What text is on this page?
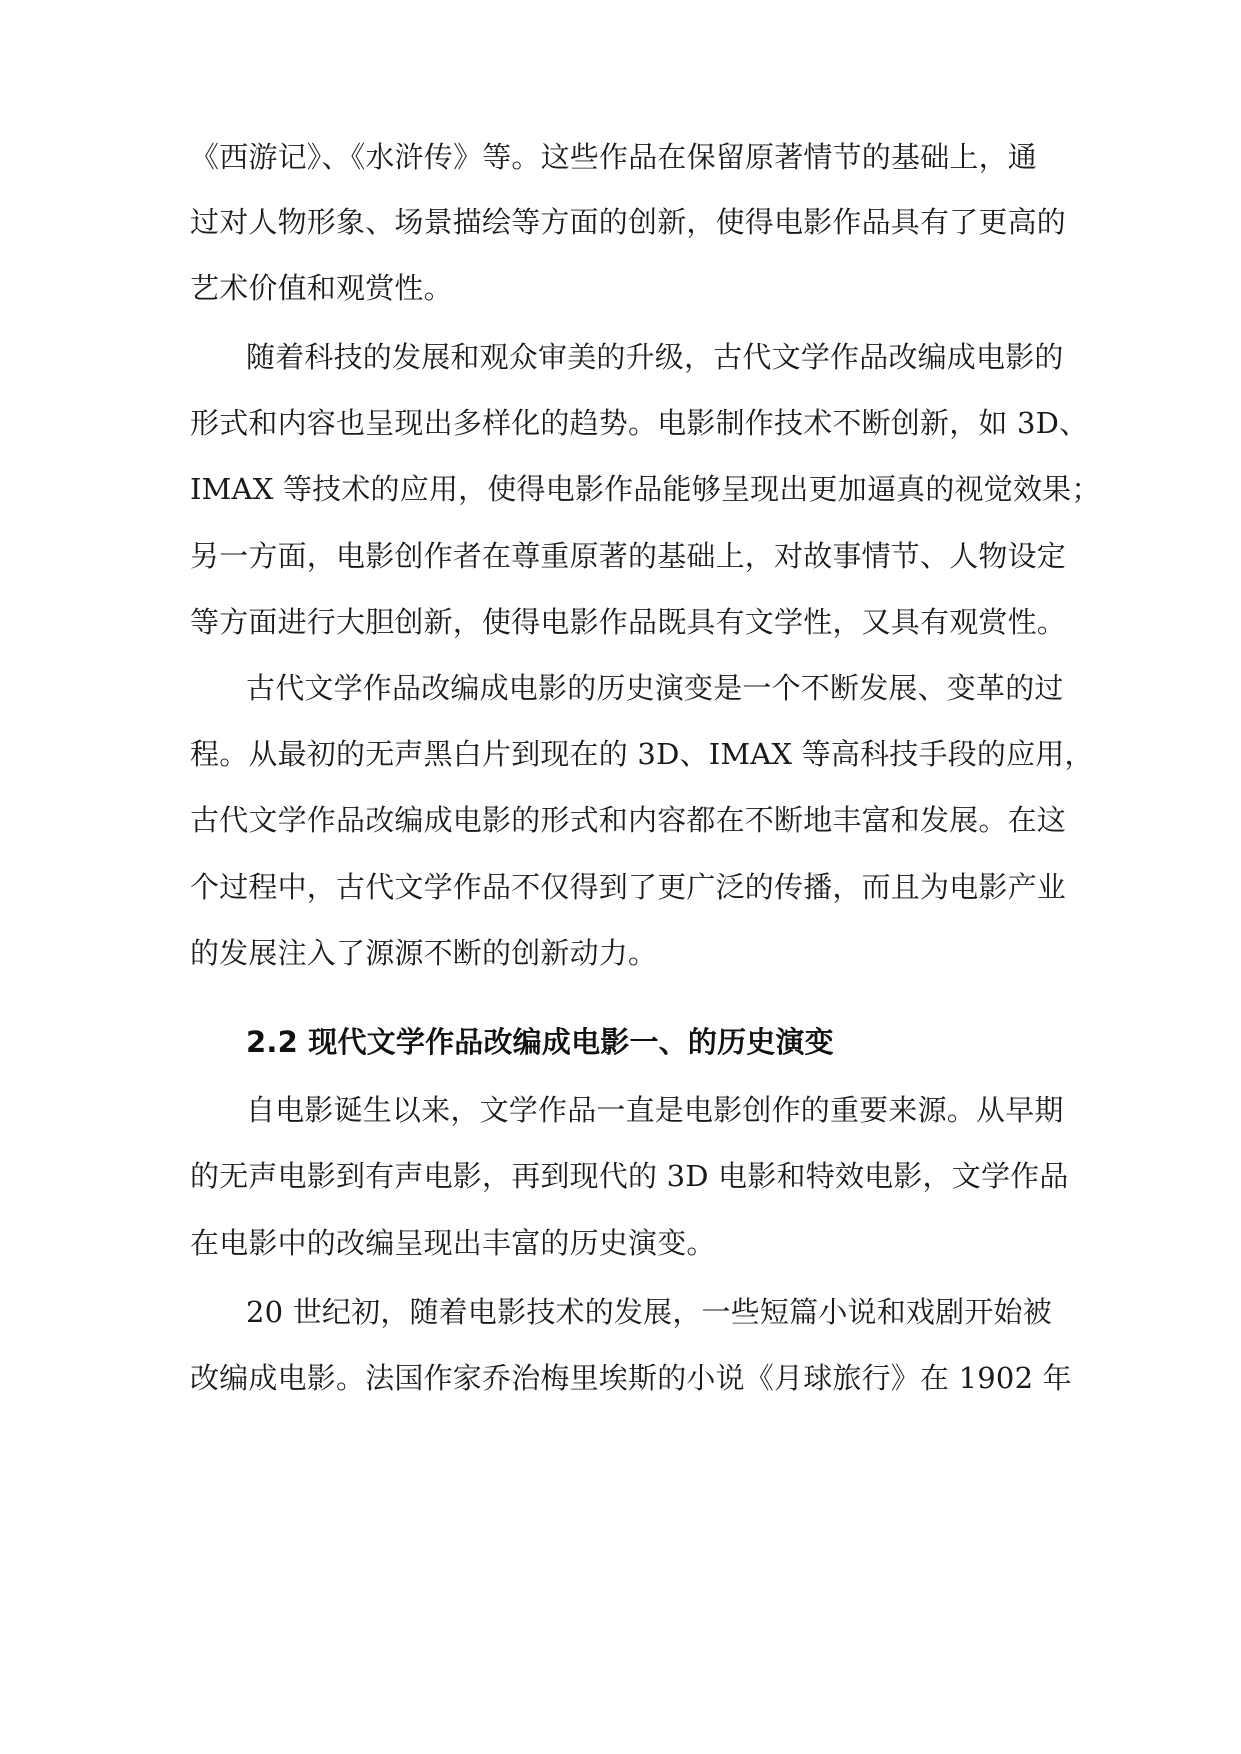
《西游记》、《水浒传》等。这些作品在保留原著情节的基础上，通
过对人物形象、场景描绘等方面的创新，使得电影作品具有了更高的
艺术价值和观赏性。
随着科技的发展和观众审美的升级，古代文学作品改编成电影的
形式和内容也呈现出多样化的趋势。电影制作技术不断创新，如 3D、
IMAX 等技术的应用，使得电影作品能够呈现出更加逼真的视觉效果；
另一方面，电影创作者在尊重原著的基础上，对故事情节、人物设定
等方面进行大胆创新，使得电影作品既具有文学性，又具有观赏性。
古代文学作品改编成电影的历史演变是一个不断发展、变革的过
程。从最初的无声黑白片到现在的 3D、IMAX 等高科技手段的应用，
古代文学作品改编成电影的形式和内容都在不断地丰富和发展。在这
个过程中，古代文学作品不仅得到了更广泛的传播，而且为电影产业
的发展注入了源源不断的创新动力。
2.2 现代文学作品改编成电影一、的历史演变
自电影诞生以来，文学作品一直是电影创作的重要来源。从早期
的无声电影到有声电影，再到现代的 3D 电影和特效电影，文学作品
在电影中的改编呈现出丰富的历史演变。
20 世纪初，随着电影技术的发展，一些短篇小说和戏剧开始被
改编成电影。法国作家乔治梅里埃斯的小说《月球旅行》在 1902 年
